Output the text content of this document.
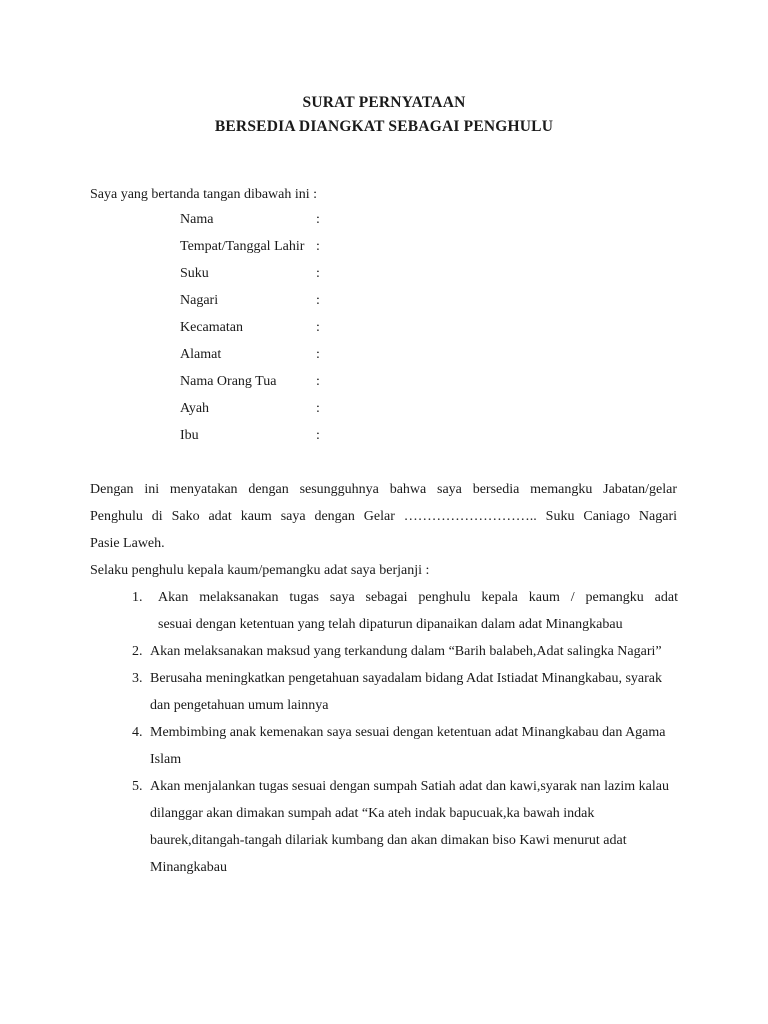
SURAT PERNYATAAN
BERSEDIA DIANGKAT SEBAGAI PENGHULU

Saya yang bertanda tangan dibawah ini :

Nama	:
Tempat/Tanggal Lahir :
Suku	:
Nagari	:
Kecamatan	:
Alamat	:
Nama Orang Tua	:
Ayah	:
Ibu	:
Dengan ini menyatakan dengan sesungguhnya bahwa saya bersedia memangku Jabatan/gelar
Penghulu di Sako adat kaum saya dengan Gelar ……………………….. Suku Caniago Nagari
Pasie Laweh.

Selaku penghulu kepala kaum/pemangku adat saya berjanji :

1. Akan melaksanakan tugas saya sebagai penghulu kepala kaum / pemangku adat
sesuai dengan ketentuan yang telah dipaturun dipanaikan dalam adat Minangkabau
2. Akan melaksanakan maksud yang terkandung dalam “Barih balabeh,Adat salingka Nagari”
3. Berusaha meningkatkan pengetahuan sayadalam bidang Adat Istiadat Minangkabau, syarak dan pengetahuan umum lainnya
4. Membimbing anak kemenakan saya sesuai dengan ketentuan adat Minangkabau dan Agama Islam
5. Akan menjalankan tugas sesuai dengan sumpah Satiah adat dan kawi,syarak nan lazim kalau dilanggar akan dimakan sumpah adat “Ka ateh indak bapucuak,ka bawah indak baurek,ditangah-tangah dilariak kumbang dan akan dimakan biso Kawi menurut adat Minangkabau
